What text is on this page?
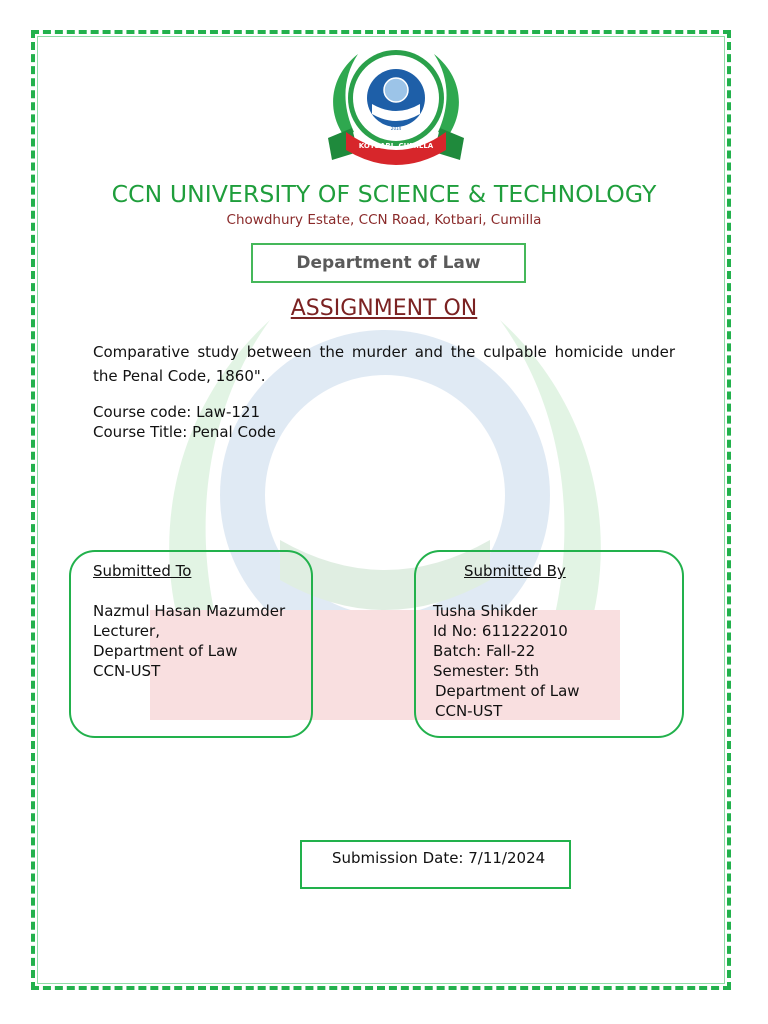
KOTBARI, CUMILLA
2014
CCN UNIVERSITY OF SCIENCE & TECHNOLOGY
Chowdhury Estate, CCN Road, Kotbari, Cumilla
Department of Law
ASSIGNMENT ON
Comparative study between the murder and the culpable homicide under the Penal Code, 1860".
Course code: Law-121
Course Title: Penal Code
Submitted To
Nazmul Hasan Mazumder
Lecturer,
Department of Law
CCN-UST
Submitted By
Tusha Shikder
Id No: 611222010
Batch: Fall-22
Semester: 5th
Department of Law
CCN-UST
Submission Date: 7/11/2024
